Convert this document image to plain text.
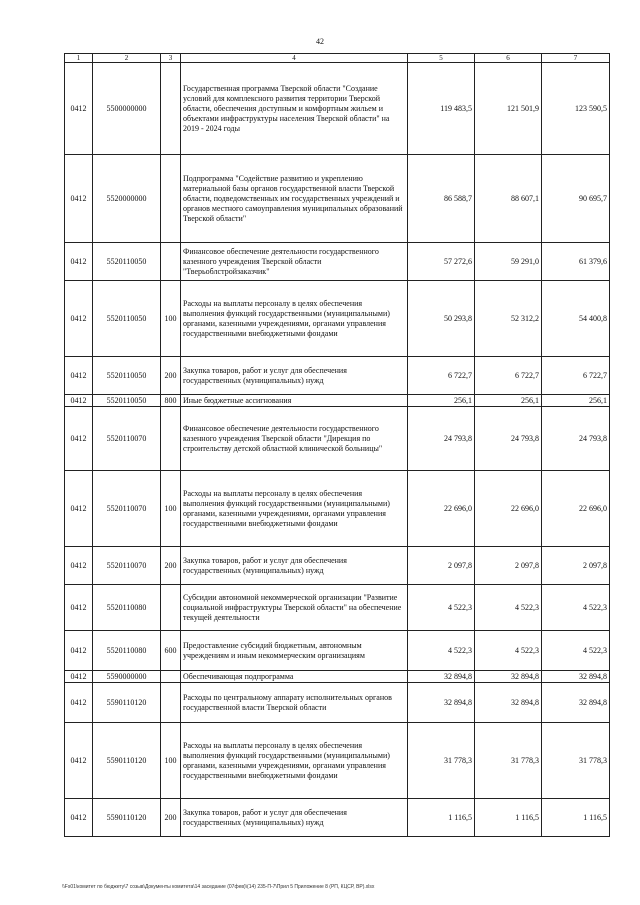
42
1	2	3	4	5	6	7
0412	5500000000		Государственная программа Тверской области "Создание условий для комплексного развития территории Тверской области, обеспечения доступным и комфортным жильем и объектами инфраструктуры населения Тверской области" на 2019 - 2024 годы	119 483,5	121 501,9	123 590,5
0412	5520000000		Подпрограмма "Содействие развитию и укреплению материальной базы органов государственной власти Тверской области, подведомственных им государственных учреждений и органов местного самоуправления муниципальных образований Тверской области"	86 588,7	88 607,1	90 695,7
0412	5520110050		Финансовое обеспечение деятельности государственного казенного учреждения Тверской области "Тверьоблстройзаказчик"	57 272,6	59 291,0	61 379,6
0412	5520110050	100	Расходы на выплаты персоналу в целях обеспечения выполнения функций государственными (муниципальными) органами, казенными учреждениями, органами управления государственными внебюджетными фондами	50 293,8	52 312,2	54 400,8
0412	5520110050	200	Закупка товаров, работ и услуг для обеспечения государственных (муниципальных) нужд	6 722,7	6 722,7	6 722,7
0412	5520110050	800	Иные бюджетные ассигнования	256,1	256,1	256,1
0412	5520110070		Финансовое обеспечение деятельности государственного казенного учреждения Тверской области "Дирекция по строительству детской областной клинической больницы"	24 793,8	24 793,8	24 793,8
0412	5520110070	100	Расходы на выплаты персоналу в целях обеспечения выполнения функций государственными (муниципальными) органами, казенными учреждениями, органами управления государственными внебюджетными фондами	22 696,0	22 696,0	22 696,0
0412	5520110070	200	Закупка товаров, работ и услуг для обеспечения государственных (муниципальных) нужд	2 097,8	2 097,8	2 097,8
0412	5520110080		Субсидии автономной некоммерческой организации "Развитие социальной инфраструктуры Тверской области" на обеспечение текущей деятельности	4 522,3	4 522,3	4 522,3
0412	5520110080	600	Предоставление субсидий бюджетным, автономным учреждениям и иным некоммерческим организациям	4 522,3	4 522,3	4 522,3
0412	5590000000		Обеспечивающая подпрограмма	32 894,8	32 894,8	32 894,8
0412	5590110120		Расходы по центральному аппарату исполнительных органов государственной власти Тверской области	32 894,8	32 894,8	32 894,8
0412	5590110120	100	Расходы на выплаты персоналу в целях обеспечения выполнения функций государственными (муниципальными) органами, казенными учреждениями, органами управления государственными внебюджетными фондами	31 778,3	31 778,3	31 778,3
0412	5590110120	200	Закупка товаров, работ и услуг для обеспечения государственных (муниципальных) нужд	1 116,5	1 116,5	1 116,5
\\Fs01\комитет по бюджету\7 созыв\Документы комитета\14 заседание (07фев)\(14) 235-П-7\Прил 5 Приложение 8 (РП, КЦСР, ВР).xlsx
